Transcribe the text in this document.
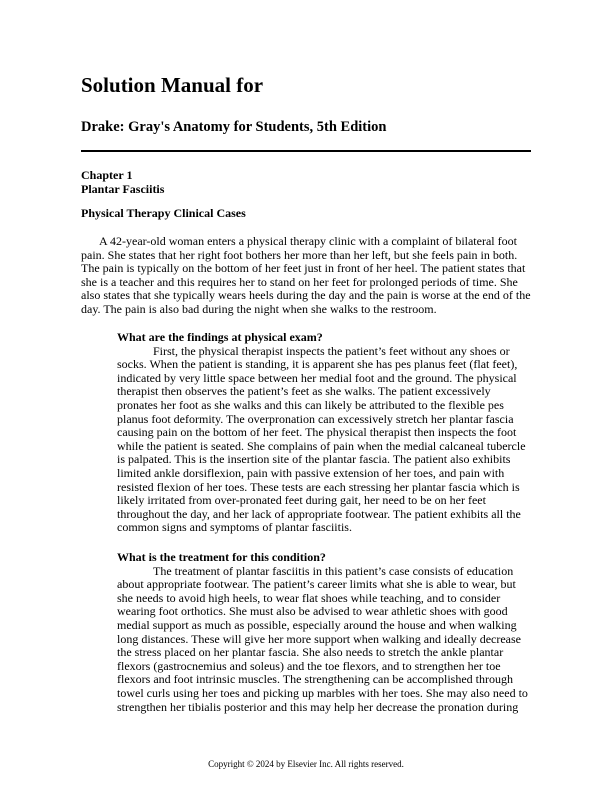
Solution Manual for
Drake: Gray's Anatomy for Students, 5th Edition
Chapter 1
Plantar Fasciitis
Physical Therapy Clinical Cases

A 42-year-old woman enters a physical therapy clinic with a complaint of bilateral foot pain. She states that her right foot bothers her more than her left, but she feels pain in both. The pain is typically on the bottom of her feet just in front of her heel. The patient states that she is a teacher and this requires her to stand on her feet for prolonged periods of time. She also states that she typically wears heels during the day and the pain is worse at the end of the day. The pain is also bad during the night when she walks to the restroom.

What are the findings at physical exam?

First, the physical therapist inspects the patient’s feet without any shoes or socks. When the patient is standing, it is apparent she has pes planus feet (flat feet), indicated by very little space between her medial foot and the ground. The physical therapist then observes the patient’s feet as she walks. The patient excessively pronates her foot as she walks and this can likely be attributed to the flexible pes planus foot deformity. The overpronation can excessively stretch her plantar fascia causing pain on the bottom of her feet. The physical therapist then inspects the foot while the patient is seated. She complains of pain when the medial calcaneal tubercle is palpated. This is the insertion site of the plantar fascia. The patient also exhibits limited ankle dorsiflexion, pain with passive extension of her toes, and pain with resisted flexion of her toes. These tests are each stressing her plantar fascia which is likely irritated from over-pronated feet during gait, her need to be on her feet throughout the day, and her lack of appropriate footwear. The patient exhibits all the common signs and symptoms of plantar fasciitis.

What is the treatment for this condition?

The treatment of plantar fasciitis in this patient’s case consists of education about appropriate footwear. The patient’s career limits what she is able to wear, but she needs to avoid high heels, to wear flat shoes while teaching, and to consider wearing foot orthotics. She must also be advised to wear athletic shoes with good medial support as much as possible, especially around the house and when walking long distances. These will give her more support when walking and ideally decrease the stress placed on her plantar fascia. She also needs to stretch the ankle plantar flexors (gastrocnemius and soleus) and the toe flexors, and to strengthen her toe flexors and foot intrinsic muscles. The strengthening can be accomplished through towel curls using her toes and picking up marbles with her toes. She may also need to strengthen her tibialis posterior and this may help her decrease the pronation during

Copyright © 2024 by Elsevier Inc. All rights reserved.
